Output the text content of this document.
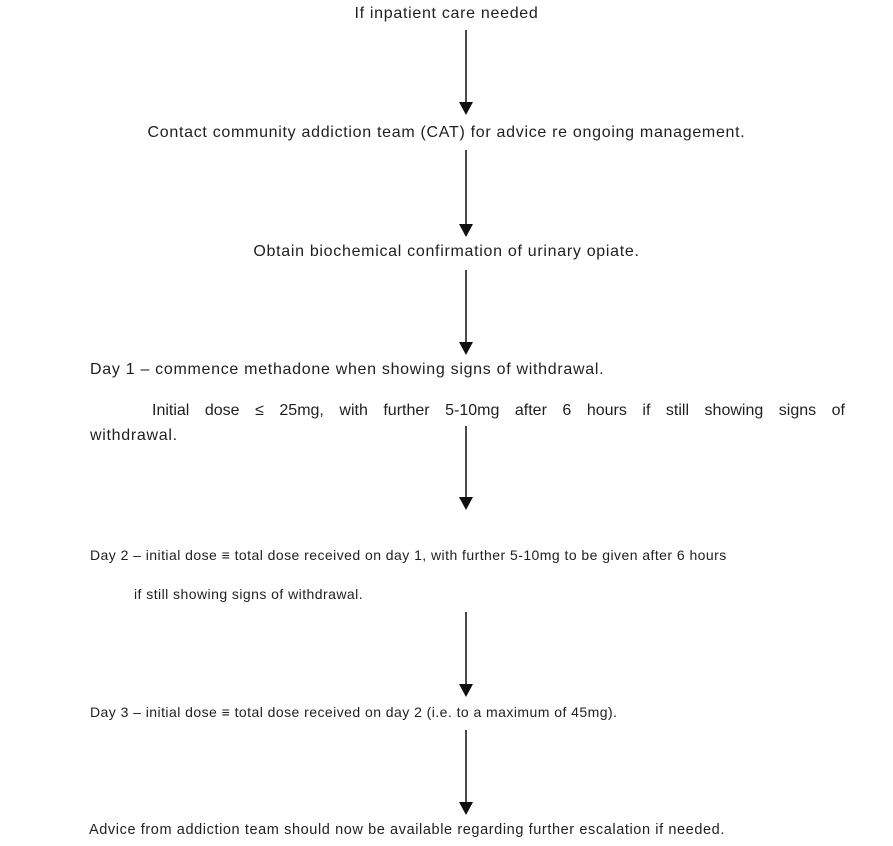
If inpatient care needed
Contact community addiction team (CAT) for advice re ongoing management.
Obtain biochemical confirmation of urinary opiate.
Day 1 – commence methadone when showing signs of withdrawal.
Initial dose ≤ 25mg, with further 5-10mg after 6 hours if still showing signs of
withdrawal.
Day 2 – initial dose ≡ total dose received on day 1, with further 5-10mg to be given after 6 hours
if still showing signs of withdrawal.
Day 3 – initial dose ≡ total dose received on day 2 (i.e. to a maximum of 45mg).
Advice from addiction team should now be available regarding further escalation if needed.
